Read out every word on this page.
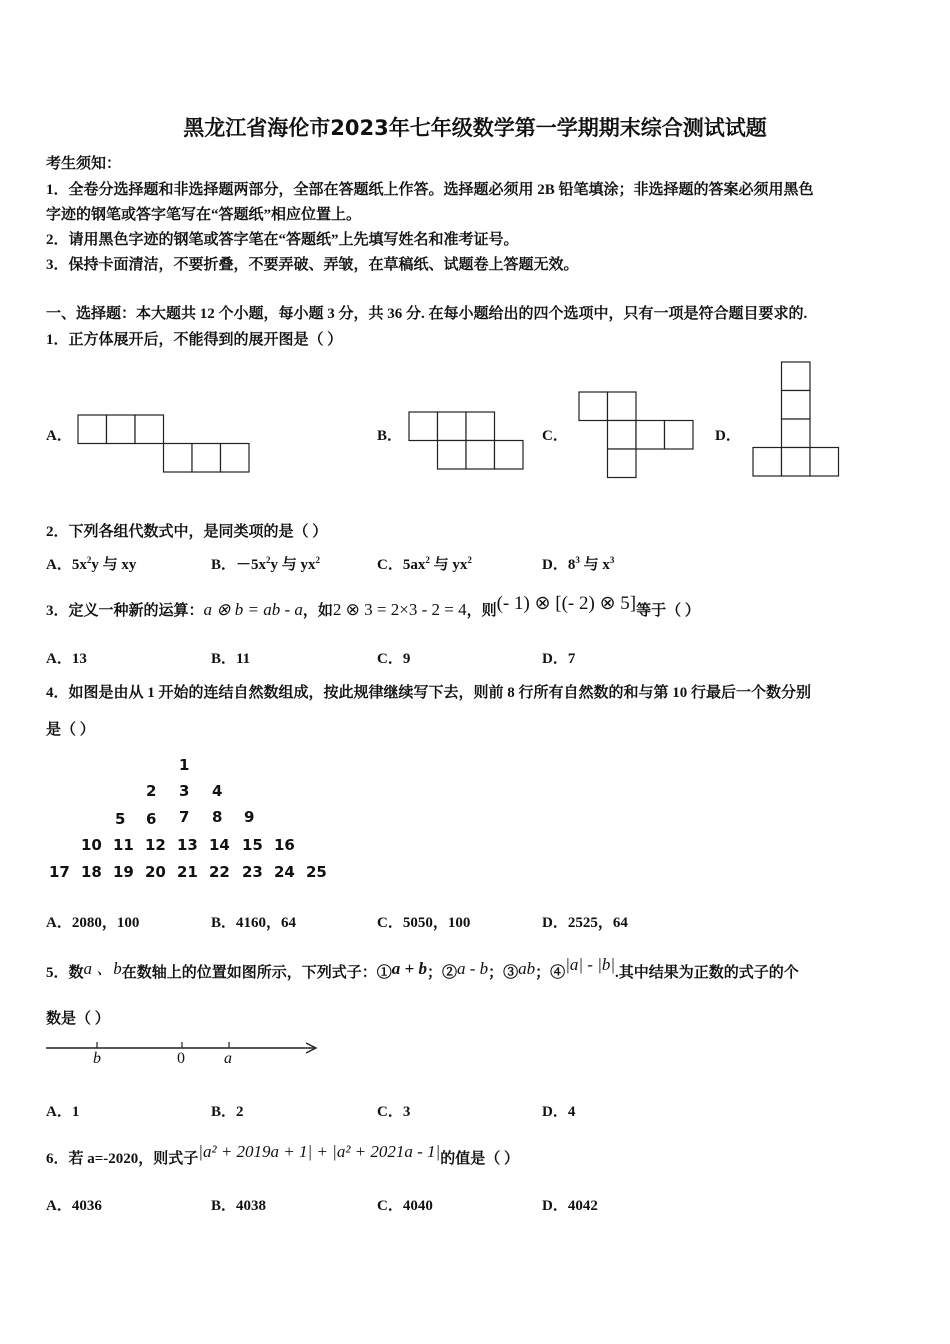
黑龙江省海伦市2023年七年级数学第一学期期末综合测试试题
考生须知：
1．全卷分选择题和非选择题两部分，全部在答题纸上作答。选择题必须用 2B 铅笔填涂；非选择题的答案必须用黑色
字迹的钢笔或答字笔写在“答题纸”相应位置上。
2．请用黑色字迹的钢笔或答字笔在“答题纸”上先填写姓名和准考证号。
3．保持卡面清洁，不要折叠，不要弄破、弄皱，在草稿纸、试题卷上答题无效。
一、选择题：本大题共 12 个小题，每小题 3 分，共 36 分. 在每小题给出的四个选项中，只有一项是符合题目要求的.
1．正方体展开后，不能得到的展开图是（ ）
A．	B．	C．	D．
2．下列各组代数式中，是同类项的是（ ）
A．$5x^2y$ 与 xy	B．$-5x^2y$ 与 $yx^2$	C．$5ax^2$ 与 $yx^2$	D．$8^3$ 与 $x^3$
3．定义一种新的运算：a ⊗ b = ab - a，如2 ⊗ 3 = 2×3 - 2 = 4，则(- 1) ⊗ [(- 2) ⊗ 5]等于（ ）
A．13	B．11	C．9	D．7
4．如图是由从 1 开始的连结自然数组成，按此规律继续写下去，则前 8 行所有自然数的和与第 10 行最后一个数分别
是（ ）
1
2 3 4
5 6 7 8 9
10 11 12 13 14 15 16
17 18 19 20 21 22 23 24 25
A．2080，100	B．4160，64	C．5050，100	D．2525，64
5．数a 、b在数轴上的位置如图所示，下列式子：①a + b；②a - b；③ab；④|a| - |b|.其中结果为正数的式子的个
数是（ ）
b	0 a
A．1	B．2	C．3	D．4
6．若 a=-2020，则式子|a² + 2019a + 1| + |a² + 2021a - 1|的值是（ ）
A．4036	B．4038	C．4040	D．4042
